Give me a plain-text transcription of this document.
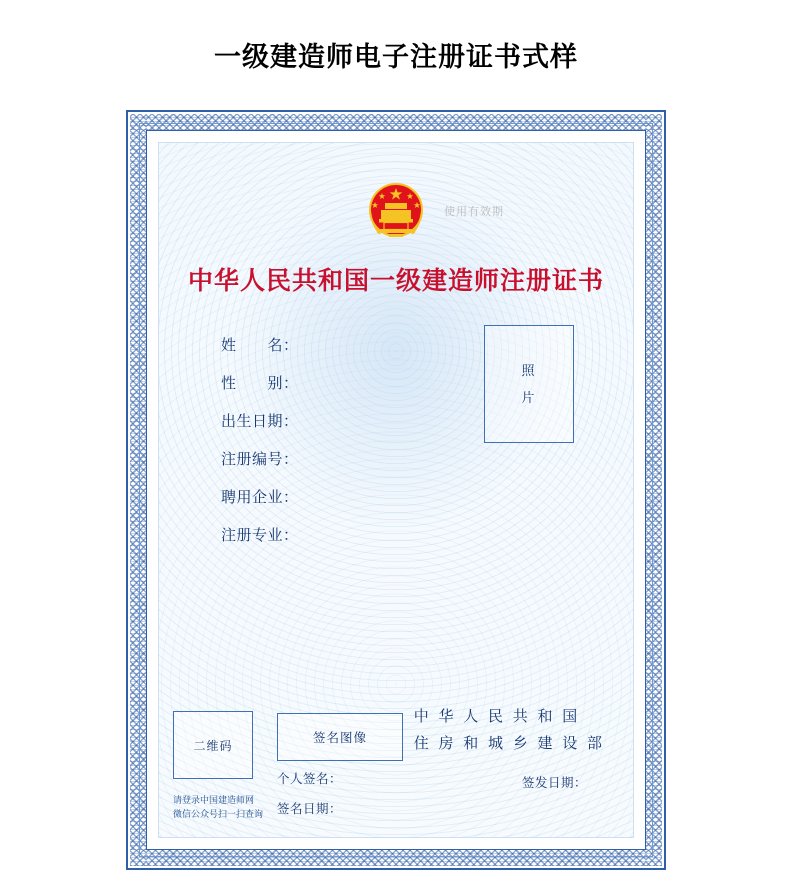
一级建造师电子注册证书式样
使用有效期
中华人民共和国一级建造师注册证书
姓　　名：
性　　别：
出生日期：
注册编号：
聘用企业：
注册专业：
照
片
二维码
请登录中国建造师网
微信公众号扫一扫查询
签名图像
个人签名：
签名日期：
中 华 人 民 共 和 国
住 房 和 城 乡 建 设 部
签发日期：
